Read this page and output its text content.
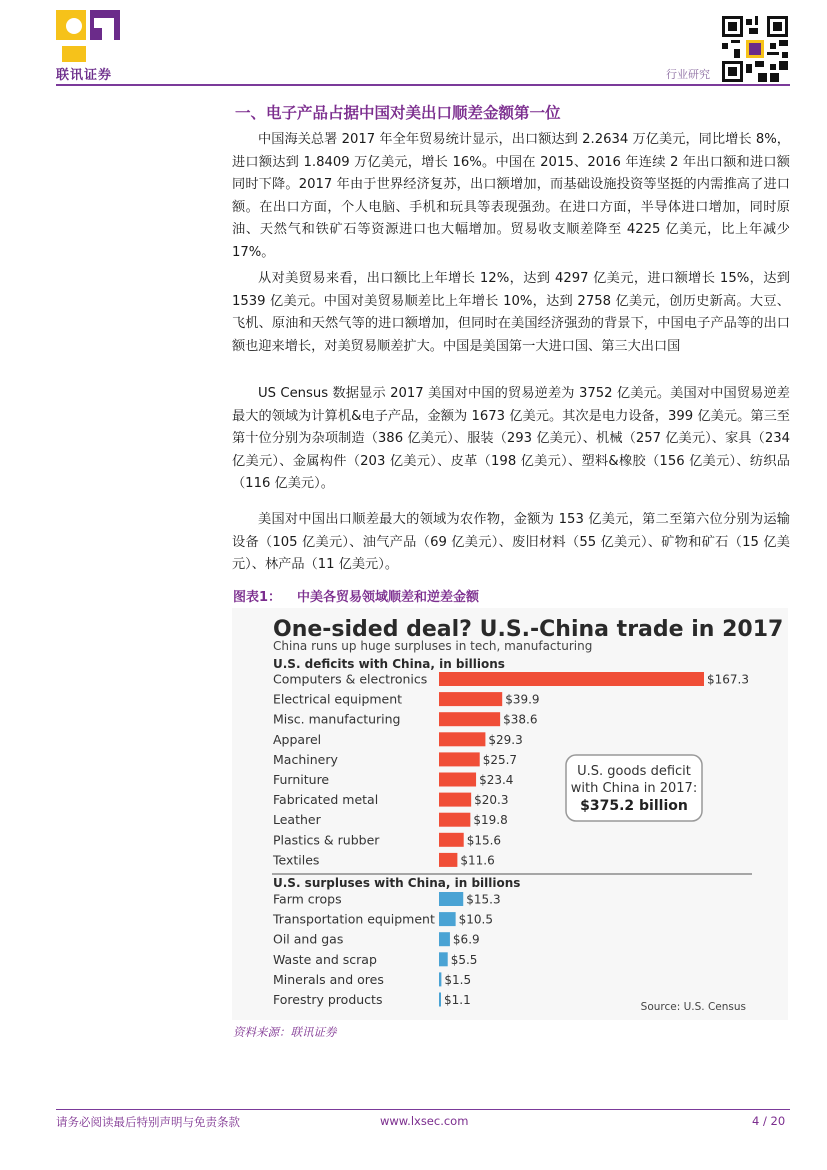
联讯证券	行业研究
一、电子产品占据中国对美出口顺差金额第一位

中国海关总署 2017 年全年贸易统计显示，出口额达到 2.2634 万亿美元，同比增长 8%，进口额达到 1.8409 万亿美元，增长 16%。中国在 2015、2016 年连续 2 年出口额和进口额同时下降。2017 年由于世界经济复苏，出口额增加，而基础设施投资等坚挺的内需推高了进口额。在出口方面，个人电脑、手机和玩具等表现强劲。在进口方面，半导体进口增加，同时原油、天然气和铁矿石等资源进口也大幅增加。贸易收支顺差降至 4225 亿美元，比上年减少 17%。

从对美贸易来看，出口额比上年增长 12%，达到 4297 亿美元，进口额增长 15%，达到 1539 亿美元。中国对美贸易顺差比上年增长 10%，达到 2758 亿美元，创历史新高。大豆、飞机、原油和天然气等的进口额增加，但同时在美国经济强劲的背景下，中国电子产品等的出口额也迎来增长，对美贸易顺差扩大。中国是美国第一大进口国、第三大出口国

US Census 数据显示 2017 美国对中国的贸易逆差为 3752 亿美元。美国对中国贸易逆差最大的领域为计算机&电子产品，金额为 1673 亿美元。其次是电力设备，399 亿美元。第三至第十位分别为杂项制造（386 亿美元）、服装（293 亿美元）、机械（257 亿美元）、家具（234 亿美元）、金属构件（203 亿美元）、皮革（198 亿美元）、塑料&橡胶（156 亿美元）、纺织品（116 亿美元）。

美国对中国出口顺差最大的领域为农作物，金额为 153 亿美元，第二至第六位分别为运输设备（105 亿美元）、油气产品（69 亿美元）、废旧材料（55 亿美元）、矿物和矿石（15 亿美元）、林产品（11 亿美元）。

图表1： 中美各贸易领域顺差和逆差金额
One-sided deal? U.S.-China trade in 2017
China runs up huge surpluses in tech, manufacturing
U.S. deficits with China, in billions
Computers & electronics	$167.3
Electrical equipment	$39.9
Misc. manufacturing	$38.6
Apparel	$29.3
Machinery	$25.7
Furniture	$23.4
Fabricated metal	$20.3
Leather	$19.8
Plastics & rubber	$15.6
Textiles	$11.6
U.S. surpluses with China, in billions
Farm crops	$15.3
Transportation equipment $10.5
Oil and gas	$6.9
Waste and scrap	$5.5
Minerals and ores	$1.5
Forestry products	$1.1
U.S. goods deficit
with China in 2017:
$375.2 billion
Source: U.S. Census
资料来源：联讯证券
请务必阅读最后特别声明与免责条款	www.lxsec.com	4 / 20
